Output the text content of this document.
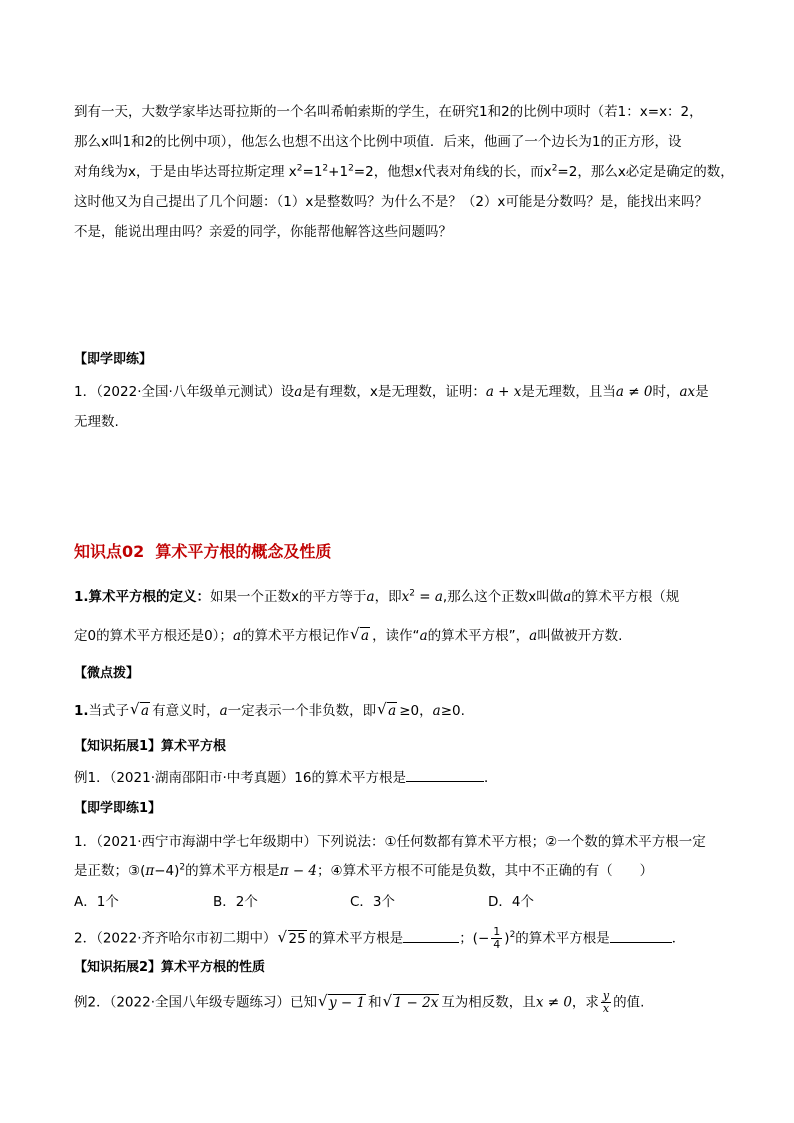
到有一天，大数学家毕达哥拉斯的一个名叫希帕索斯的学生，在研究1和2的比例中项时（若1：x=x：2，
那么x叫1和2的比例中项），他怎么也想不出这个比例中项值．后来，他画了一个边长为1的正方形，设
对角线为x，于是由毕达哥拉斯定理 $x^2=1^2+1^2=2$，他想x代表对角线的长，而$x^2=2$，那么x必定是确定的数，
这时他又为自己提出了几个问题：（1）x是整数吗？为什么不是？（2）x可能是分数吗？是，能找出来吗？
不是，能说出理由吗？亲爱的同学，你能帮他解答这些问题吗？
【即学即练】
1．（2022·全国·八年级单元测试）设a是有理数，x是无理数，证明：a + x是无理数，且当a ≠ 0时，ax是
无理数.
知识点02 算术平方根的概念及性质
1.算术平方根的定义：如果一个正数x的平方等于a，即$x^2 = a$,那么这个正数x叫做a的算术平方根（规
定0的算术平方根还是0）；a的算术平方根记作 √ a ，读作“a的算术平方根”，a叫做被开方数.
【微点拨】
1.当式子 √ a 有意义时，a一定表示一个非负数，即 √ a ≥0，a≥0.
【知识拓展1】算术平方根
例1．（2021·湖南邵阳市·中考真题）16的算术平方根是	．
【即学即练1】
1．（2021·西宁市海湖中学七年级期中）下列说法：①任何数都有算术平方根；②一个数的算术平方根一定
是正数；$③(\pi-4)^2$的算术平方根是π − 4；④算术平方根不可能是负数，其中不正确的有（　　）
A．1个	B．2个	C．3个	D．4个
2．（2022·齐齐哈尔市初二期中） √ 25 的算术平方根是	；(− $\frac{1}{4} )^2$的算术平方根是	．
【知识拓展2】算术平方根的性质
例2．（2022·全国八年级专题练习）已知 √ y − 1 和 √ 1 − 2x 互为相反数，且x ≠ 0，求 $\frac{y}{x}$ 的值.
